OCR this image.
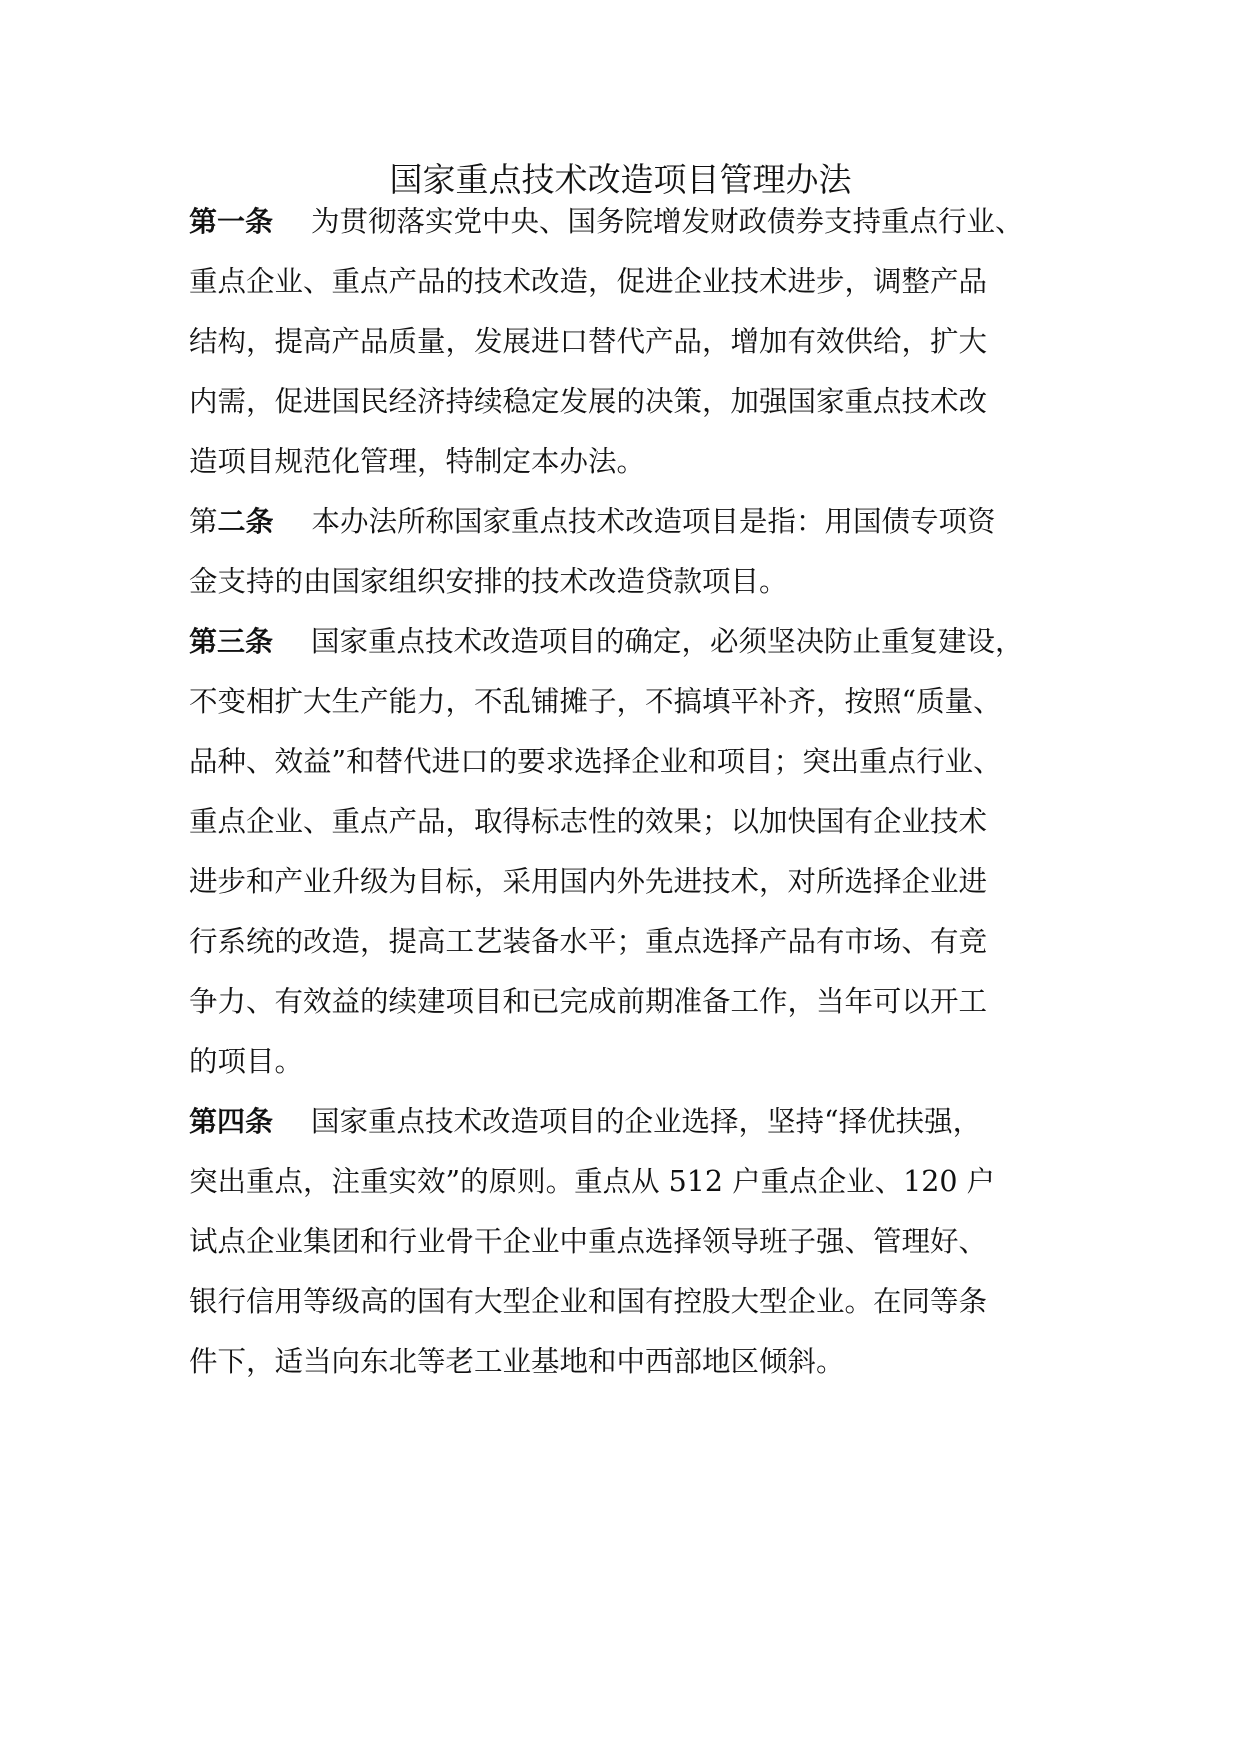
国家重点技术改造项目管理办法

第一条 为贯彻落实党中央、国务院增发财政债券支持重点行业、

重点企业、重点产品的技术改造，促进企业技术进步，调整产品

结构，提高产品质量，发展进口替代产品，增加有效供给，扩大

内需，促进国民经济持续稳定发展的决策，加强国家重点技术改

造项目规范化管理，特制定本办法。

第二条 本办法所称国家重点技术改造项目是指：用国债专项资

金支持的由国家组织安排的技术改造贷款项目。

第三条 国家重点技术改造项目的确定，必须坚决防止重复建设，

不变相扩大生产能力，不乱铺摊子，不搞填平补齐，按照“质量、

品种、效益”和替代进口的要求选择企业和项目；突出重点行业、

重点企业、重点产品，取得标志性的效果；以加快国有企业技术

进步和产业升级为目标，采用国内外先进技术，对所选择企业进

行系统的改造，提高工艺装备水平；重点选择产品有市场、有竞

争力、有效益的续建项目和已完成前期准备工作，当年可以开工

的项目。

第四条 国家重点技术改造项目的企业选择，坚持“择优扶强，

突出重点，注重实效”的原则。重点从 512 户重点企业、120 户

试点企业集团和行业骨干企业中重点选择领导班子强、管理好、

银行信用等级高的国有大型企业和国有控股大型企业。在同等条

件下，适当向东北等老工业基地和中西部地区倾斜。
